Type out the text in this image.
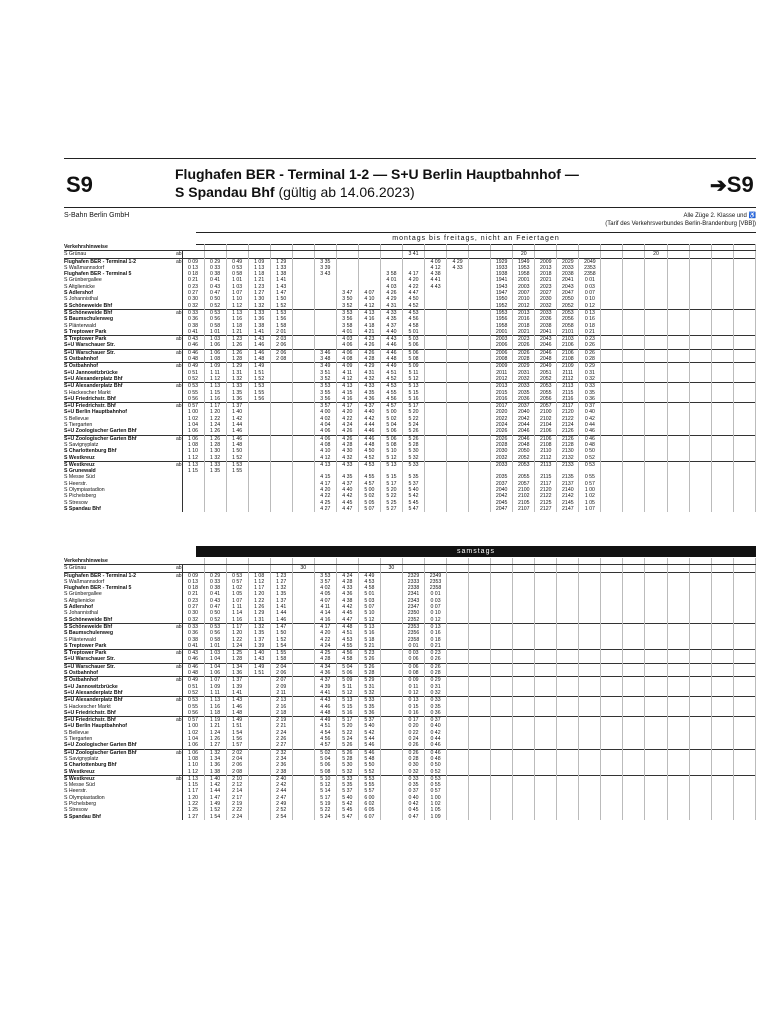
S9	Flughafen BER - Terminal 1-2 — S+U Berlin Hauptbahnhof —
S Spandau Bhf (gültig ab 14.06.2023)	➔S9
S-Bahn Berlin GmbH	Alle Züge 2. Klasse und ♿
(Tarif des Verkehrsverbundes Berlin-Brandenburg [VBB])
montags bis freitags, nicht an Feiertagen
Verkehrshinweise																											
S Grünau	ab											3 41					20						20				
Flughafen BER - Terminal 1-2	ab	0 09	0 29	0 49	1 09	1 29		3 35					4 09	4 29		1929	1949	2009	2029	2049							
S Waßmannsdorf		0 13	0 33	0 53	1 13	1 33		3 39					4 12	4 33		1933	1953	2013	2033	2353							
Flughafen BER - Terminal 5		0 18	0 38	0 58	1 18	1 38		3 43			3 58	4 17	4 38			1938	1958	2018	2038	2358							
S Grünbergallee		0 21	0 41	1 01	1 21	1 41					4 01	4 20	4 41			1941	2001	2021	2041	0 01							
S Altglienicke		0 23	0 43	1 03	1 23	1 43					4 03	4 22	4 43			1943	2003	2023	2043	0 03							
S Adlershof		0 27	0 47	1 07	1 27	1 47			3 47	4 07	4 26	4 47				1947	2007	2027	2047	0 07							
S Johannisthal		0 30	0 50	1 10	1 30	1 50			3 50	4 10	4 29	4 50				1950	2010	2030	2050	0 10							
S Schöneweide Bhf		0 32	0 52	1 12	1 32	1 52			3 52	4 12	4 31	4 52				1952	2012	2032	2052	0 12							
S Schöneweide Bhf	ab	0 33	0 53	1 13	1 33	1 53			3 53	4 13	4 33	4 53				1953	2013	2033	2053	0 13							
S Baumschulenweg		0 36	0 56	1 16	1 36	1 56			3 56	4 16	4 35	4 56				1956	2016	2036	2056	0 16							
S Plänterwald		0 38	0 58	1 18	1 38	1 58			3 58	4 18	4 37	4 58				1958	2018	2038	2058	0 18							
S Treptower Park		0 41	1 01	1 21	1 41	2 01			4 01	4 21	4 40	5 01				2001	2021	2041	2101	0 21							
S Treptower Park	ab	0 43	1 03	1 23	1 43	2 03			4 03	4 23	4 43	5 03				2003	2023	2043	2103	0 23							
S+U Warschauer Str.		0 46	1 06	1 26	1 46	2 06			4 06	4 26	4 46	5 06				2006	2026	2046	2106	0 26							
S+U Warschauer Str.	ab	0 46	1 06	1 26	1 46	2 06		3 46	4 06	4 26	4 46	5 06				2006	2026	2046	2106	0 26							
S Ostbahnhof		0 48	1 08	1 28	1 48	2 08		3 48	4 08	4 28	4 48	5 08				2008	2028	2048	2108	0 28							
S Ostbahnhof	ab	0 49	1 09	1 29	1 49			3 49	4 09	4 29	4 49	5 09				2009	2029	2049	2109	0 29							
S+U Jannowitzbrücke		0 51	1 11	1 31	1 51			3 51	4 11	4 31	4 51	5 11				2011	2031	2051	2111	0 31							
S+U Alexanderplatz Bhf		0 52	1 12	1 32	1 52			3 52	4 12	4 32	4 52	5 12				2012	2032	2052	2112	0 32							
S+U Alexanderplatz Bhf	ab	0 53	1 13	1 33	1 53			3 53	4 13	4 33	4 53	5 13				2013	2033	2053	2113	0 33							
S Hackescher Markt		0 55	1 15	1 35	1 55			3 55	4 15	4 35	4 55	5 15				2015	2035	2055	2115	0 35							
S+U Friedrichstr. Bhf		0 56	1 16	1 36	1 56			3 56	4 16	4 36	4 56	5 16				2016	2036	2056	2116	0 36							
S+U Friedrichstr. Bhf	ab	0 57	1 17	1 37				3 57	4 17	4 37	4 57	5 17				2017	2037	2057	2117	0 37							
S+U Berlin Hauptbahnhof		1 00	1 20	1 40				4 00	4 20	4 40	5 00	5 20				2020	2040	2100	2120	0 40							
S Bellevue		1 02	1 22	1 42				4 02	4 22	4 42	5 02	5 22				2022	2042	2102	2122	0 42							
S Tiergarten		1 04	1 24	1 44				4 04	4 24	4 44	5 04	5 24				2024	2044	2104	2124	0 44							
S+U Zoologischer Garten Bhf		1 06	1 26	1 46				4 06	4 26	4 46	5 06	5 26				2026	2046	2106	2126	0 46							
S+U Zoologischer Garten Bhf	ab	1 06	1 26	1 46				4 06	4 26	4 46	5 06	5 26				2026	2046	2106	2126	0 46							
S Savignyplatz		1 08	1 28	1 48				4 08	4 28	4 48	5 08	5 28				2028	2048	2108	2128	0 48							
S Charlottenburg Bhf		1 10	1 30	1 50				4 10	4 30	4 50	5 10	5 30				2030	2050	2110	2130	0 50							
S Westkreuz		1 12	1 32	1 52				4 12	4 32	4 52	5 12	5 32				2032	2052	2112	2132	0 52							
S Westkreuz	ab	1 13	1 33	1 53				4 13	4 33	4 53	5 13	5 33				2033	2053	2113	2133	0 53							
S Grunewald		1 15	1 35	1 55																							
S Messe Süd								4 15	4 35	4 55	5 15	5 35				2035	2055	2115	2135	0 55							
S Heerstr.								4 17	4 37	4 57	5 17	5 37				2037	2057	2117	2137	0 57							
S Olympiastadion								4 20	4 40	5 00	5 20	5 40				2040	2100	2120	2140	1 00							
S Pichelsberg								4 22	4 42	5 02	5 22	5 42				2042	2102	2122	2142	1 02							
S Stresow								4 25	4 45	5 05	5 25	5 45				2045	2105	2125	2145	1 05							
S Spandau Bhf								4 27	4 47	5 07	5 27	5 47				2047	2107	2127	2147	1 07							
samstags
Verkehrshinweise																											
S Grünau	ab						30				30																
Flughafen BER - Terminal 1-2	ab	0 09	0 29	0 53	1 08	1 23		3 53	4 24	4 49		2329	2349														
S Waßmannsdorf		0 13	0 33	0 57	1 12	1 27		3 57	4 28	4 53		2333	2353														
Flughafen BER - Terminal 5		0 18	0 38	1 02	1 17	1 32		4 02	4 33	4 58		2338	2358														
S Grünbergallee		0 21	0 41	1 05	1 20	1 35		4 05	4 36	5 01		2341	0 01														
S Altglienicke		0 23	0 43	1 07	1 22	1 37		4 07	4 38	5 03		2343	0 03														
S Adlershof		0 27	0 47	1 11	1 26	1 41		4 11	4 42	5 07		2347	0 07														
S Johannisthal		0 30	0 50	1 14	1 29	1 44		4 14	4 45	5 10		2350	0 10														
S Schöneweide Bhf		0 32	0 52	1 16	1 31	1 46		4 16	4 47	5 12		2352	0 12														
S Schöneweide Bhf	ab	0 33	0 53	1 17	1 32	1 47		4 17	4 48	5 13		2353	0 13														
S Baumschulenweg		0 36	0 56	1 20	1 35	1 50		4 20	4 51	5 16		2356	0 16														
S Plänterwald		0 38	0 58	1 22	1 37	1 52		4 22	4 53	5 18		2358	0 18														
S Treptower Park		0 41	1 01	1 24	1 39	1 54		4 24	4 55	5 21		0 01	0 21														
S Treptower Park	ab	0 43	1 03	1 25	1 40	1 55		4 25	4 56	5 23		0 03	0 23														
S+U Warschauer Str.		0 46	1 04	1 28	1 43	1 58		4 28	4 58	5 26		0 06	0 26														
S+U Warschauer Str.	ab	0 46	1 04	1 34	1 49	2 04		4 34	5 04	5 26		0 06	0 26														
S Ostbahnhof		0 48	1 06	1 36	1 51	2 06		4 36	5 06	5 28		0 08	0 28														
S Ostbahnhof	ab	0 49	1 07	1 37		2 07		4 37	5 09	5 29		0 09	0 29														
S+U Jannowitzbrücke		0 51	1 09	1 39		2 09		4 39	5 11	5 31		0 11	0 31														
S+U Alexanderplatz Bhf		0 52	1 11	1 41		2 11		4 41	5 12	5 32		0 12	0 32														
S+U Alexanderplatz Bhf	ab	0 53	1 13	1 43		2 13		4 43	5 13	5 33		0 13	0 33														
S Hackescher Markt		0 55	1 16	1 46		2 16		4 46	5 15	5 35		0 15	0 35														
S+U Friedrichstr. Bhf		0 56	1 18	1 48		2 18		4 48	5 16	5 36		0 16	0 36														
S+U Friedrichstr. Bhf	ab	0 57	1 19	1 49		2 19		4 49	5 17	5 37		0 17	0 37														
S+U Berlin Hauptbahnhof		1 00	1 21	1 51		2 21		4 51	5 20	5 40		0 20	0 40														
S Bellevue		1 02	1 24	1 54		2 24		4 54	5 22	5 42		0 22	0 42														
S Tiergarten		1 04	1 26	1 56		2 26		4 56	5 24	5 44		0 24	0 44														
S+U Zoologischer Garten Bhf		1 06	1 27	1 57		2 27		4 57	5 26	5 46		0 26	0 46														
S+U Zoologischer Garten Bhf	ab	1 06	1 32	2 02		2 32		5 02	5 26	5 46		0 26	0 46														
S Savignyplatz		1 08	1 34	2 04		2 34		5 04	5 28	5 48		0 28	0 48														
S Charlottenburg Bhf		1 10	1 36	2 06		2 36		5 06	5 30	5 50		0 30	0 50														
S Westkreuz		1 12	1 38	2 08		2 38		5 08	5 32	5 52		0 32	0 52														
S Westkreuz	ab	1 13	1 40	2 10		2 40		5 10	5 33	5 53		0 33	0 53														
S Messe Süd		1 15	1 42	2 12		2 42		5 12	5 35	5 55		0 35	0 55														
S Heerstr.		1 17	1 44	2 14		2 44		5 14	5 37	5 57		0 37	0 57														
S Olympiastadion		1 20	1 47	2 17		2 47		5 17	5 40	6 00		0 40	1 00														
S Pichelsberg		1 22	1 49	2 19		2 49		5 19	5 42	6 02		0 42	1 02														
S Stresow		1 25	1 52	2 22		2 52		5 22	5 45	6 05		0 45	1 05														
S Spandau Bhf		1 27	1 54	2 24		2 54		5 24	5 47	6 07		0 47	1 09														
